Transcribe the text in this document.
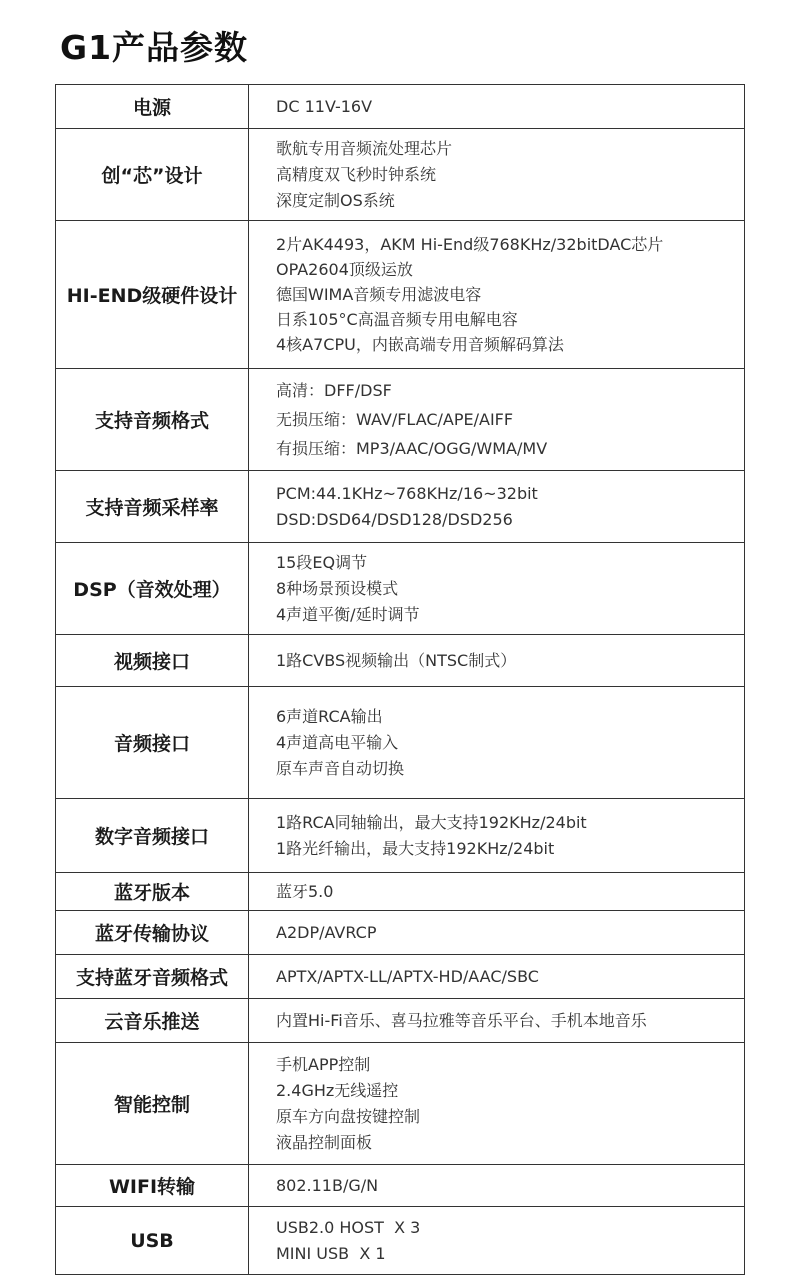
G1产品参数
电源	DC 11V-16V

创“芯”设计	歌航专用音频流处理芯片
高精度双飞秒时钟系统
深度定制OS系统

HI-END级硬件设计	2片AK4493，AKM Hi-End级768KHz/32bitDAC芯片
OPA2604顶级运放
德国WIMA音频专用滤波电容
日系105°C高温音频专用电解电容
4核A7CPU，内嵌高端专用音频解码算法

支持音频格式	高清：DFF/DSF
无损压缩：WAV/FLAC/APE/AIFF
有损压缩：MP3/AAC/OGG/WMA/MV

支持音频采样率	PCM:44.1KHz~768KHz/16~32bit
DSD:DSD64/DSD128/DSD256

DSP（音效处理）	15段EQ调节
8种场景预设模式
4声道平衡/延时调节

视频接口	1路CVBS视频输出（NTSC制式）

音频接口	6声道RCA输出
4声道高电平输入
原车声音自动切换

数字音频接口	1路RCA同轴输出，最大支持192KHz/24bit
1路光纤输出，最大支持192KHz/24bit

蓝牙版本	蓝牙5.0

蓝牙传输协议	A2DP/AVRCP

支持蓝牙音频格式	APTX/APTX-LL/APTX-HD/AAC/SBC

云音乐推送	内置Hi-Fi音乐、喜马拉雅等音乐平台、手机本地音乐

智能控制	手机APP控制
2.4GHz无线遥控
原车方向盘按键控制
液晶控制面板

WIFI转输	802.11B/G/N

USB	USB2.0 HOST  X 3
MINI USB  X 1
